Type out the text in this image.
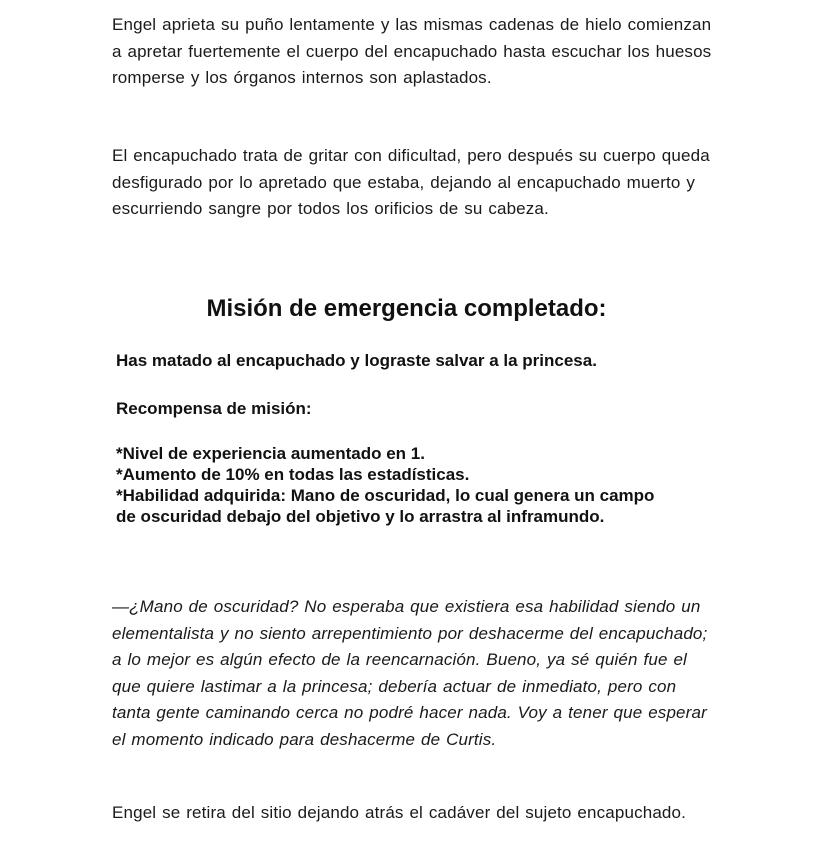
Engel aprieta su puño lentamente y las mismas cadenas de hielo comienzan a apretar fuertemente el cuerpo del encapuchado hasta escuchar los huesos romperse y los órganos internos son aplastados.

El encapuchado trata de gritar con dificultad, pero después su cuerpo queda desfigurado por lo apretado que estaba, dejando al encapuchado muerto y escurriendo sangre por todos los orificios de su cabeza.

Misión de emergencia completado:
Has matado al encapuchado y lograste salvar a la princesa.
Recompensa de misión:
*Nivel de experiencia aumentado en 1.
*Aumento de 10% en todas las estadísticas.
*Habilidad adquirida: Mano de oscuridad, lo cual genera un campo de oscuridad debajo del objetivo y lo arrastra al inframundo.

—¿Mano de oscuridad? No esperaba que existiera esa habilidad siendo un elementalista y no siento arrepentimiento por deshacerme del encapuchado; a lo mejor es algún efecto de la reencarnación. Bueno, ya sé quién fue el que quiere lastimar a la princesa; debería actuar de inmediato, pero con tanta gente caminando cerca no podré hacer nada. Voy a tener que esperar el momento indicado para deshacerme de Curtis.

Engel se retira del sitio dejando atrás el cadáver del sujeto encapuchado.
